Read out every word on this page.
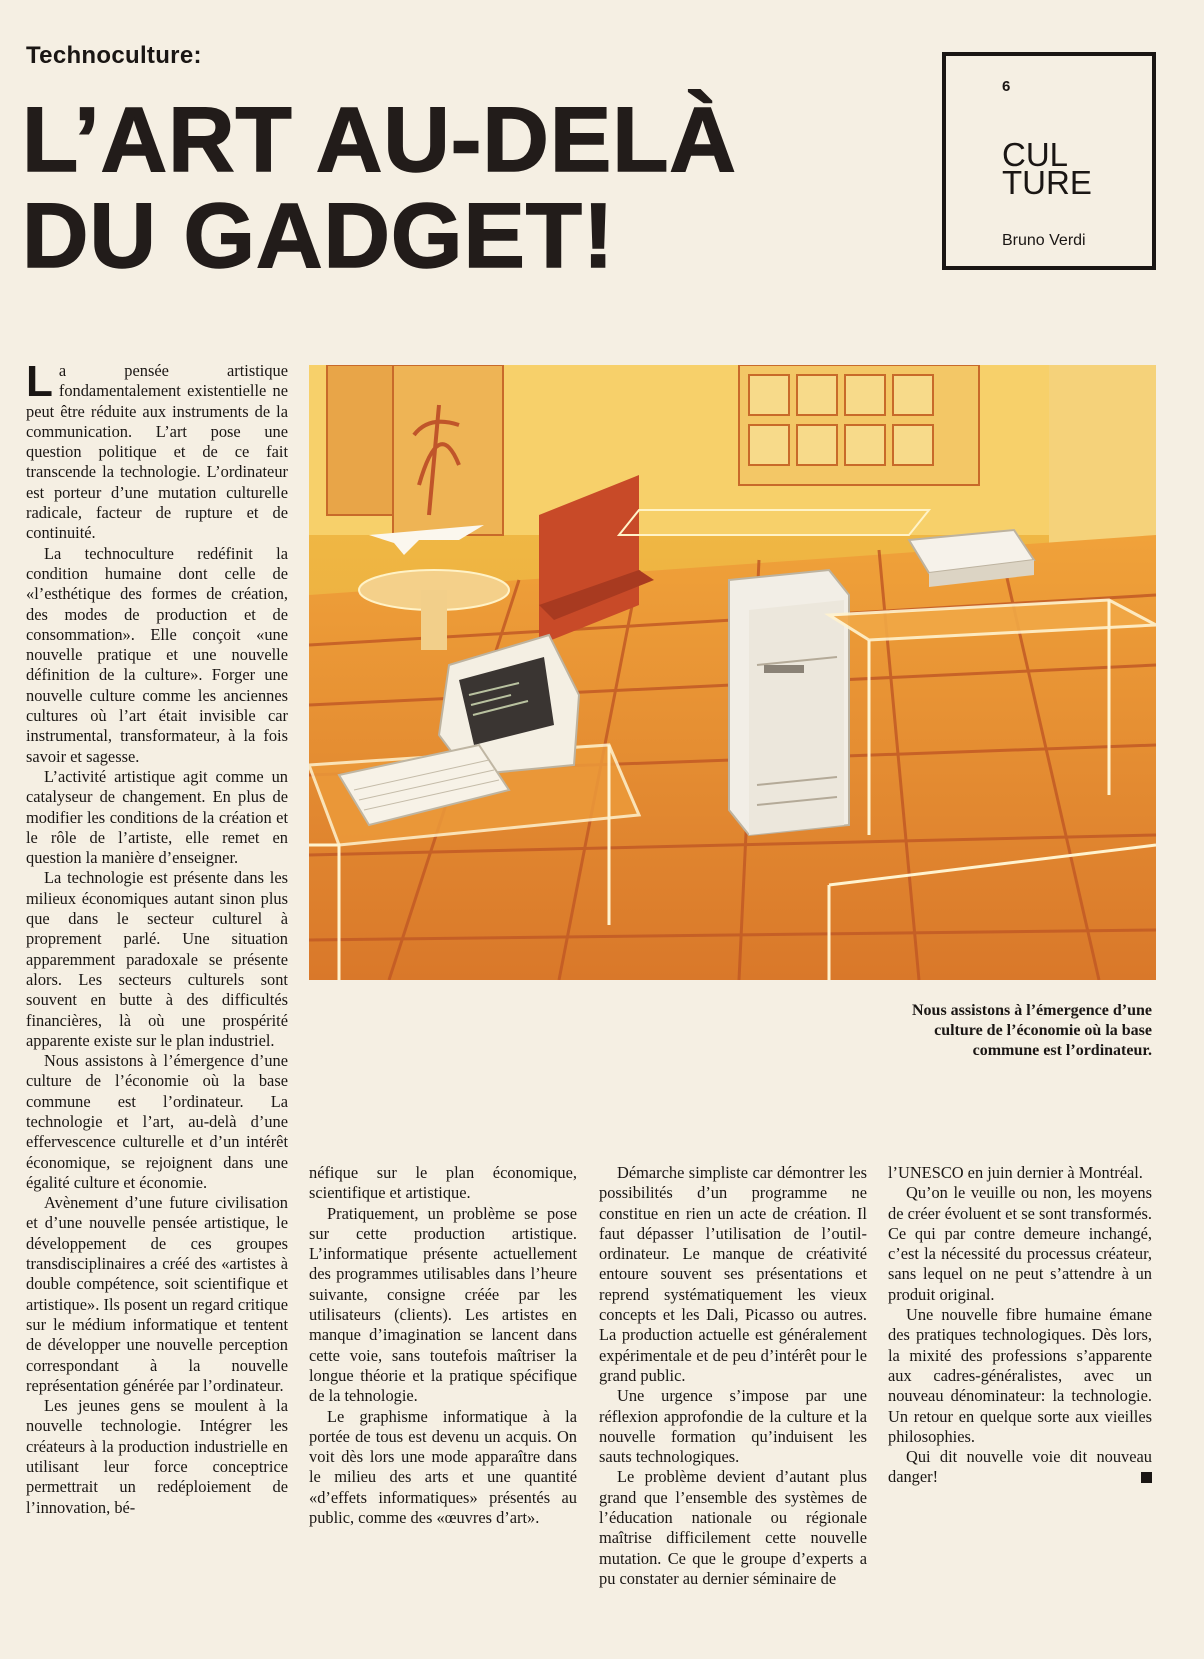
Technoculture:
L’ART AU-DELÀ
DU GADGET!
6
CUL
TURE
Bruno Verdi

La pensée artistique fondamentalement existentielle ne peut être réduite aux instruments de la communication. L’art pose une question politique et de ce fait transcende la technologie. L’ordinateur est porteur d’une mutation culturelle radicale, facteur de rupture et de continuité.

La technoculture redéfinit la condition humaine dont celle de «l’esthétique des formes de création, des modes de production et de consommation». Elle conçoit «une nouvelle pratique et une nouvelle définition de la culture». Forger une nouvelle culture comme les anciennes cultures où l’art était invisible car instrumental, transformateur, à la fois savoir et sagesse.

L’activité artistique agit comme un catalyseur de changement. En plus de modifier les conditions de la création et le rôle de l’artiste, elle remet en question la manière d’enseigner.

La technologie est présente dans les milieux économiques autant sinon plus que dans le secteur culturel à proprement parlé. Une situation apparemment paradoxale se présente alors. Les secteurs culturels sont souvent en butte à des difficultés financières, là où une prospérité apparente existe sur le plan industriel.

Nous assistons à l’émergence d’une culture de l’économie où la base commune est l’ordinateur. La technologie et l’art, au-delà d’une effervescence culturelle et d’un intérêt économique, se rejoignent dans une égalité culture et économie.

Avènement d’une future civilisation et d’une nouvelle pensée artistique, le développement de ces groupes transdisciplinaires a créé des «artistes à double compétence, soit scientifique et artistique». Ils posent un regard critique sur le médium informatique et tentent de développer une nouvelle perception correspondant à la nouvelle représentation générée par l’ordinateur.

Les jeunes gens se moulent à la nouvelle technologie. Intégrer les créateurs à la production industrielle en utilisant leur force conceptrice permettrait un redéploiement de l’innovation, bé-

Nous assistons à l’émergence d’une culture de l’économie où la base commune est l’ordinateur.

néfique sur le plan économique, scientifique et artistique.

Pratiquement, un problème se pose sur cette production artistique. L’informatique présente actuellement des programmes utilisables dans l’heure suivante, consigne créée par les utilisateurs (clients). Les artistes en manque d’imagination se lancent dans cette voie, sans toutefois maîtriser la longue théorie et la pratique spécifique de la tehnologie.

Le graphisme informatique à la portée de tous est devenu un acquis. On voit dès lors une mode apparaître dans le milieu des arts et une quantité «d’effets informatiques» présentés au public, comme des «œuvres d’art».

Démarche simpliste car démontrer les possibilités d’un programme ne constitue en rien un acte de création. Il faut dépasser l’utilisation de l’outil-ordinateur. Le manque de créativité entoure souvent ses présentations et reprend systématiquement les vieux concepts et les Dali, Picasso ou autres. La production actuelle est généralement expérimentale et de peu d’intérêt pour le grand public.

Une urgence s’impose par une réflexion approfondie de la culture et la nouvelle formation qu’induisent les sauts technologiques.

Le problème devient d’autant plus grand que l’ensemble des systèmes de l’éducation nationale ou régionale maîtrise difficilement cette nouvelle mutation. Ce que le groupe d’experts a pu constater au dernier séminaire de

l’UNESCO en juin dernier à Montréal.

Qu’on le veuille ou non, les moyens de créer évoluent et se sont transformés. Ce qui par contre demeure inchangé, c’est la nécessité du processus créateur, sans lequel on ne peut s’attendre à un produit original.

Une nouvelle fibre humaine émane des pratiques technologiques. Dès lors, la mixité des professions s’apparente aux cadres-généralistes, avec un nouveau dénominateur: la technologie. Un retour en quelque sorte aux vieilles philosophies.

Qui dit nouvelle voie dit nouveau danger!
